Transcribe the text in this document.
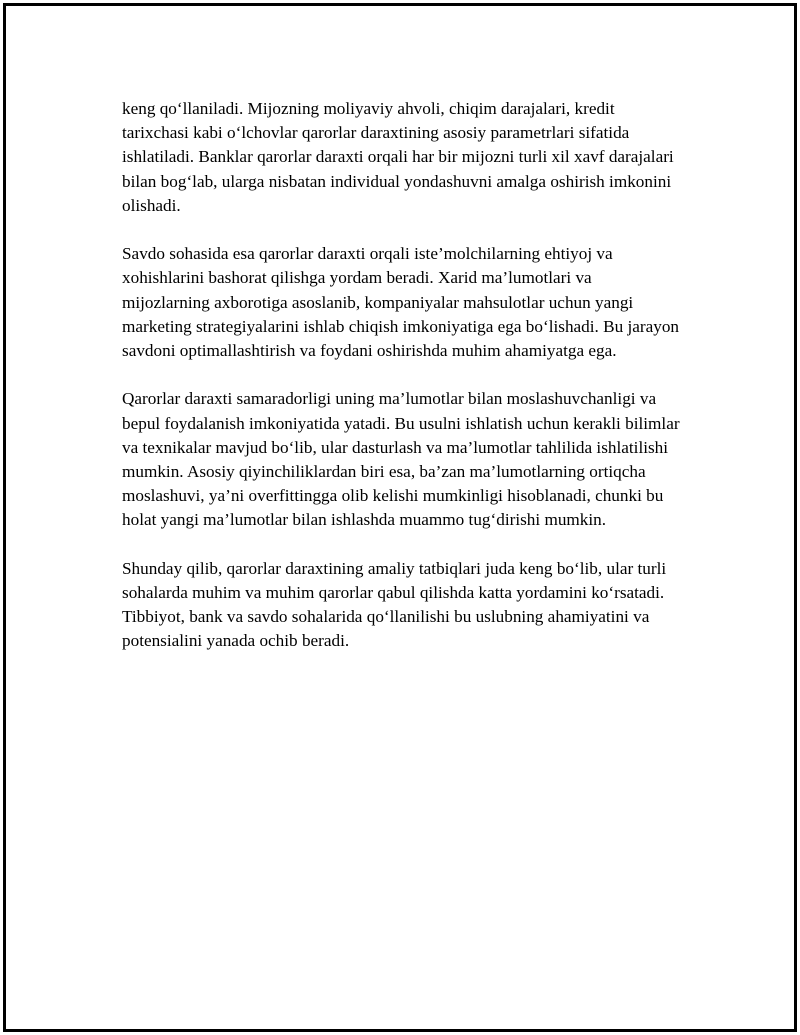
keng qo‘llaniladi. Mijozning moliyaviy ahvoli, chiqim darajalari, kredit tarixchasi kabi o‘lchovlar qarorlar daraxtining asosiy parametrlari sifatida ishlatiladi. Banklar qarorlar daraxti orqali har bir mijozni turli xil xavf darajalari bilan bog‘lab, ularga nisbatan individual yondashuvni amalga oshirish imkonini olishadi.

Savdo sohasida esa qarorlar daraxti orqali iste’molchilarning ehtiyoj va xohishlarini bashorat qilishga yordam beradi. Xarid ma’lumotlari va mijozlarning axborotiga asoslanib, kompaniyalar mahsulotlar uchun yangi marketing strategiyalarini ishlab chiqish imkoniyatiga ega bo‘lishadi. Bu jarayon savdoni optimallashtirish va foydani oshirishda muhim ahamiyatga ega.

Qarorlar daraxti samaradorligi uning ma’lumotlar bilan moslashuvchanligi va bepul foydalanish imkoniyatida yatadi. Bu usulni ishlatish uchun kerakli bilimlar va texnikalar mavjud bo‘lib, ular dasturlash va ma’lumotlar tahlilida ishlatilishi mumkin. Asosiy qiyinchiliklardan biri esa, ba’zan ma’lumotlarning ortiqcha moslashuvi, ya’ni overfittingga olib kelishi mumkinligi hisoblanadi, chunki bu holat yangi ma’lumotlar bilan ishlashda muammo tug‘dirishi mumkin.

Shunday qilib, qarorlar daraxtining amaliy tatbiqlari juda keng bo‘lib, ular turli sohalarda muhim va muhim qarorlar qabul qilishda katta yordamini ko‘rsatadi. Tibbiyot, bank va savdo sohalarida qo‘llanilishi bu uslubning ahamiyatini va potensialini yanada ochib beradi.
